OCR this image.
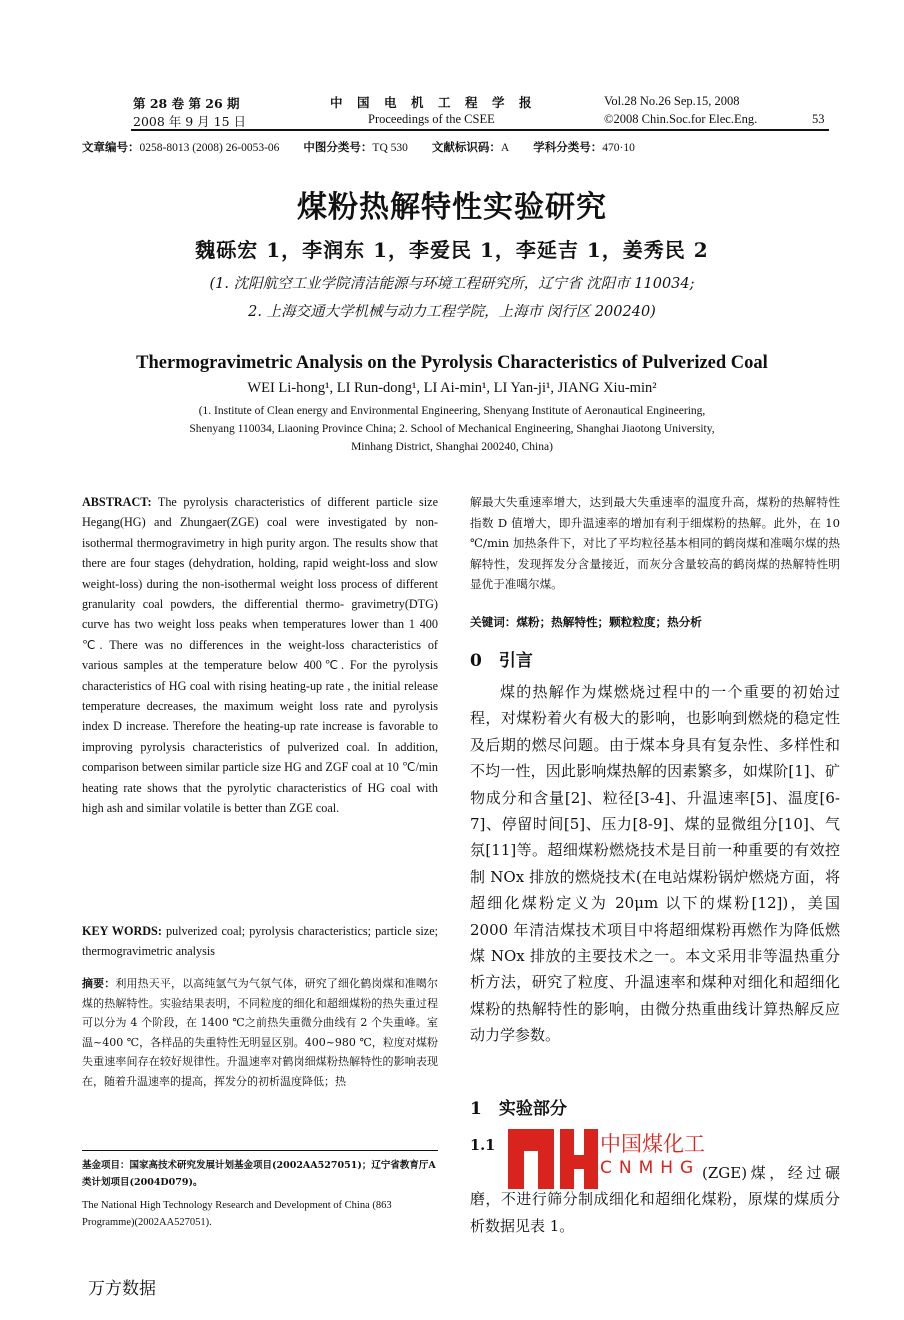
第 28 卷 第 26 期
2008 年 9 月 15 日
中　国　电　机　工　程　学　报
Proceedings of the CSEE
Vol.28 No.26 Sep.15, 2008
©2008 Chin.Soc.for Elec.Eng.	53
文章编号：0258-8013 (2008) 26-0053-06 中图分类号：TQ 530 文献标识码：A 学科分类号：470·10
煤粉热解特性实验研究
魏砾宏 1，李润东 1，李爱民 1，李延吉 1，姜秀民 2
(1. 沈阳航空工业学院清洁能源与环境工程研究所，辽宁省 沈阳市 110034;
2. 上海交通大学机械与动力工程学院，上海市 闵行区 200240)
Thermogravimetric Analysis on the Pyrolysis Characteristics of Pulverized Coal
WEI Li-hong¹, LI Run-dong¹, LI Ai-min¹, LI Yan-ji¹, JIANG Xiu-min²
(1. Institute of Clean energy and Environmental Engineering, Shenyang Institute of Aeronautical Engineering,
Shenyang 110034, Liaoning Province China; 2. School of Mechanical Engineering, Shanghai Jiaotong University,
Minhang District, Shanghai 200240, China)
ABSTRACT: The pyrolysis characteristics of different particle size Hegang(HG) and Zhungaer(ZGE) coal were investigated by non-isothermal thermogravimetry in high purity argon. The results show that there are four stages (dehydration, holding, rapid weight-loss and slow weight-loss) during the non-isothermal weight loss process of different granularity coal powders, the differential thermo- gravimetry(DTG) curve has two weight loss peaks when temperatures lower than 1 400 ℃. There was no differences in the weight-loss characteristics of various samples at the temperature below 400℃. For the pyrolysis characteristics of HG coal with rising heating-up rate , the initial release temperature decreases, the maximum weight loss rate and pyrolysis index D increase. Therefore the heating-up rate increase is favorable to improving pyrolysis characteristics of pulverized coal. In addition, comparison between similar particle size HG and ZGF coal at 10 ℃/min heating rate shows that the pyrolytic characteristics of HG coal with high ash and similar volatile is better than ZGE coal.
KEY WORDS: pulverized coal; pyrolysis characteristics; particle size; thermogravimetric analysis
摘要：利用热天平，以高纯氩气为气氛气体，研究了细化鹤岗煤和准噶尔煤的热解特性。实验结果表明，不同粒度的细化和超细煤粉的热失重过程可以分为 4 个阶段，在 1400 ℃之前热失重微分曲线有 2 个失重峰。室温~400 ℃，各样品的失重特性无明显区别。400~980 ℃，粒度对煤粉失重速率间存在较好规律性。升温速率对鹤岗细煤粉热解特性的影响表现在，随着升温速率的提高，挥发分的初析温度降低；热
基金项目：国家高技术研究发展计划基金项目(2002AA527051)；辽宁省教育厅A类计划项目(2004D079)。
The National High Technology Research and Development of China (863 Programme)(2002AA527051).
万方数据
解最大失重速率增大，达到最大失重速率的温度升高，煤粉的热解特性指数 D 值增大，即升温速率的增加有利于细煤粉的热解。此外，在 10 ℃/min 加热条件下，对比了平均粒径基本相同的鹤岗煤和准噶尔煤的热解特性，发现挥发分含量接近，而灰分含量较高的鹤岗煤的热解特性明显优于准噶尔煤。
关键词：煤粉；热解特性；颗粒粒度；热分析
0　引言
煤的热解作为煤燃烧过程中的一个重要的初始过程，对煤粉着火有极大的影响，也影响到燃烧的稳定性及后期的燃尽问题。由于煤本身具有复杂性、多样性和不均一性，因此影响煤热解的因素繁多，如煤阶[1]、矿物成分和含量[2]、粒径[3-4]、升温速率[5]、温度[6-7]、停留时间[5]、压力[8-9]、煤的显微组分[10]、气氛[11]等。超细煤粉燃烧技术是目前一种重要的有效控制 NOx 排放的燃烧技术(在电站煤粉锅炉燃烧方面，将超细化煤粉定义为 20μm 以下的煤粉[12])，美国 2000 年清洁煤技术项目中将超细煤粉再燃作为降低燃煤 NOx 排放的主要技术之一。本文采用非等温热重分析方法，研究了粒度、升温速率和煤种对细化和超细化煤粉的热解特性的影响，由微分热重曲线计算热解反应动力学参数。
1　实验部分
1.1	中国煤化工
CNMHG (ZGE)煤，经过碾磨，不进行筛分制成细化和超细化煤粉，原煤的煤质分析数据见表 1。
